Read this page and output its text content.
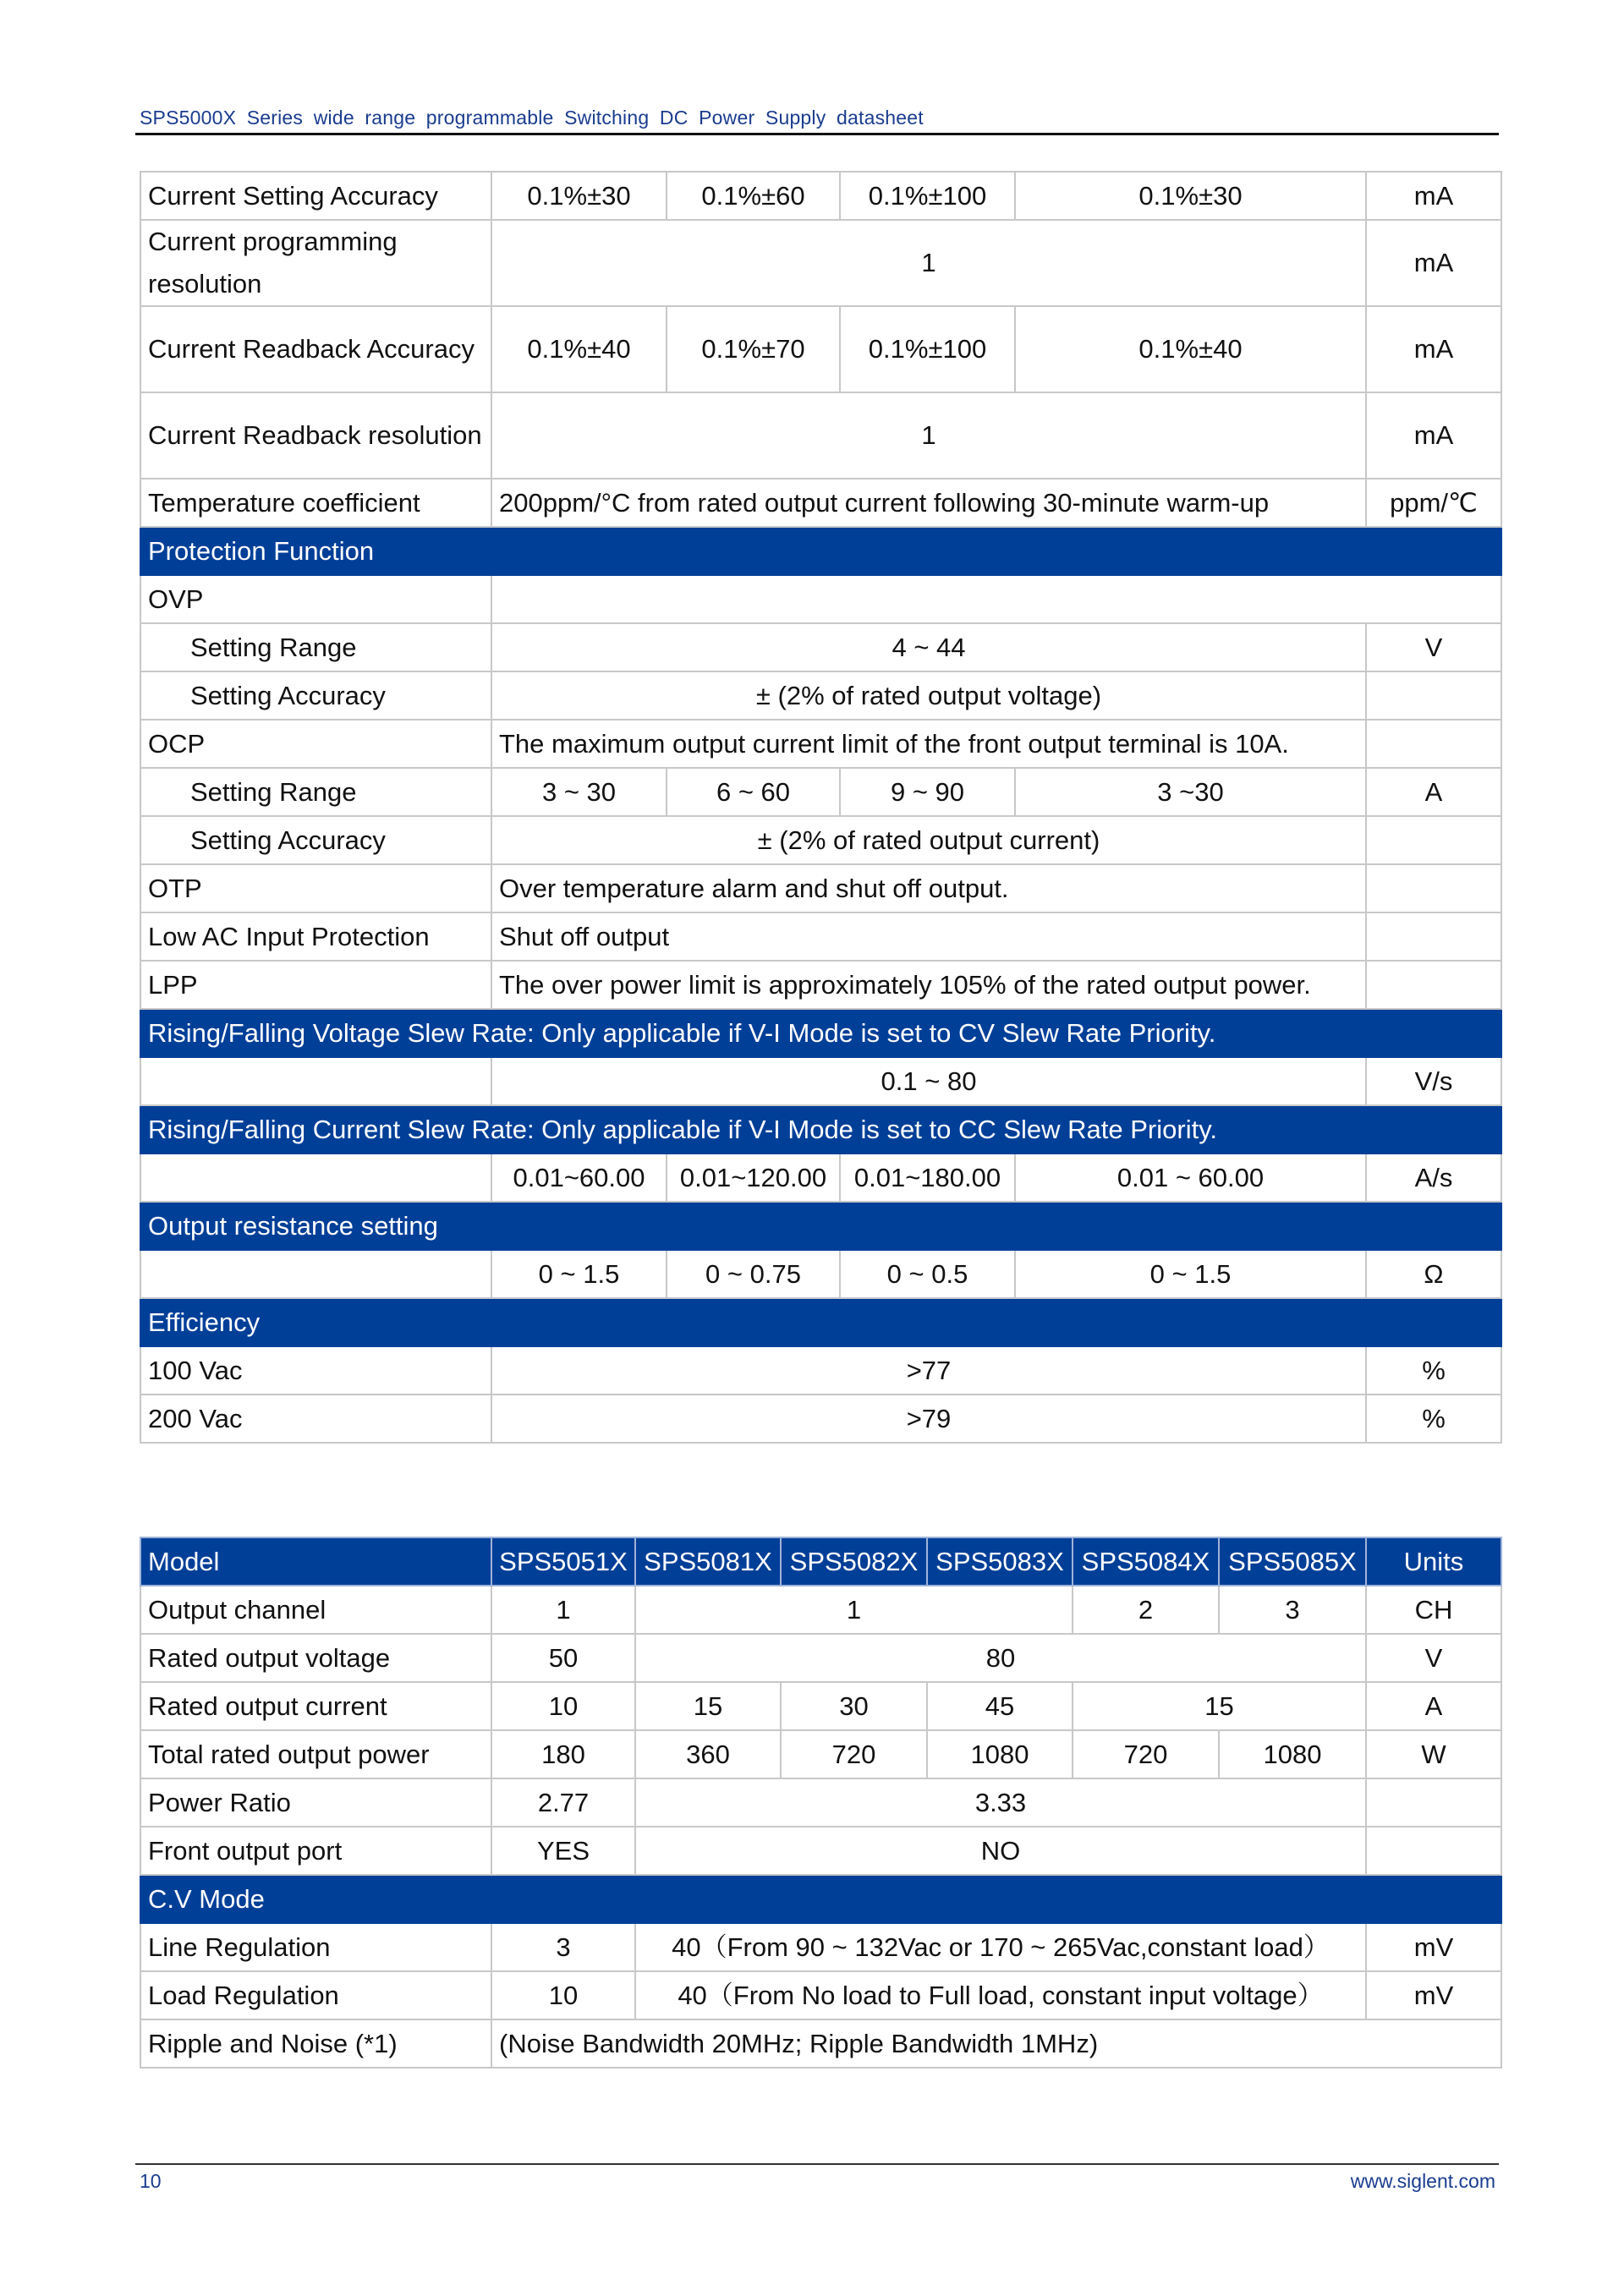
SPS5000X Series wide range programmable Switching DC Power Supply datasheet
Current Setting Accuracy	0.1%±30	0.1%±60	0.1%±100	0.1%±30	mA
Current programming resolution	1				mA
Current Readback Accuracy	0.1%±40	0.1%±70	0.1%±100	0.1%±40	mA
Current Readback resolution	1				mA
Temperature coefficient	200ppm/°C from rated output current following 30-minute warm-up				ppm/℃
Protection Function					
OVP					
Setting Range	4 ~ 44				V
Setting Accuracy	± (2% of rated output voltage)				
OCP	The maximum output current limit of the front output terminal is 10A.				
Setting Range	3 ~ 30	6 ~ 60	9 ~ 90	3 ~30	A
Setting Accuracy	± (2% of rated output current)				
OTP	Over temperature alarm and shut off output.				
Low AC Input Protection	Shut off output				
LPP	The over power limit is approximately 105% of the rated output power.				
Rising/Falling Voltage Slew Rate: Only applicable if V-I Mode is set to CV Slew Rate Priority.					
	0.1 ~ 80				V/s
Rising/Falling Current Slew Rate: Only applicable if V-I Mode is set to CC Slew Rate Priority.					
	0.01~60.00	0.01~120.00	0.01~180.00	0.01 ~ 60.00	A/s
Output resistance setting					
	0 ~ 1.5	0 ~ 0.75	0 ~ 0.5	0 ~ 1.5	Ω
Efficiency					
100 Vac	>77				%
200 Vac	>79				%
Model	SPS5051X	SPS5081X	SPS5082X	SPS5083X	SPS5084X	SPS5085X	Units
Output channel	1	1			2	3	CH
Rated output voltage	50	80					V
Rated output current	10	15	30	45	15		A
Total rated output power	180	360	720	1080	720	1080	W
Power Ratio	2.77	3.33					
Front output port	YES	NO					
C.V Mode							
Line Regulation	3	40（From 90 ~ 132Vac or 170 ~ 265Vac,constant load）					mV
Load Regulation	10	40（From No load to Full load, constant input voltage）					mV
Ripple and Noise (*1)	(Noise Bandwidth 20MHz; Ripple Bandwidth 1MHz)						
10	www.siglent.com
